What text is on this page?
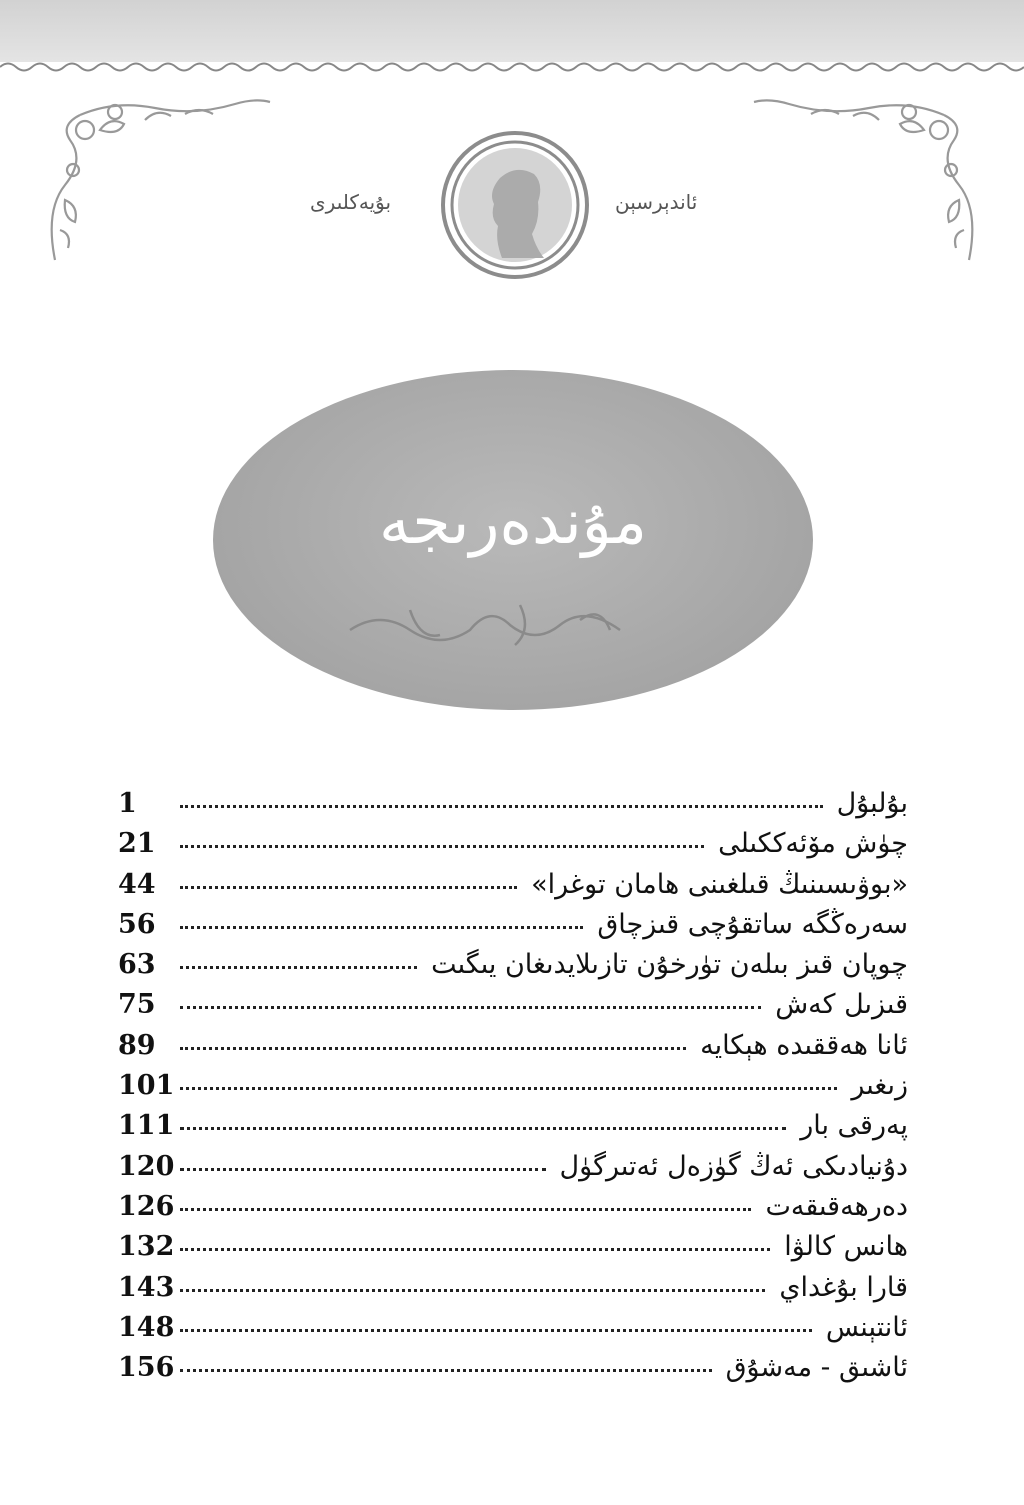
بۇيەكلىرى	ئاندېرسېن
مۇندەرىجە
بۇلبۇل
1
چۈش مۆئەككىلى
21
«بوۋىسىنىڭ قىلغىنى هامان توغرا»
44
سەرەڭگە ساتقۇچى قىزچاق
56
چوپان قىز بىلەن تۈرخۇن تازىلايدىغان يىگىت
63
قىزىل كەش
75
ئانا ھەققىدە ھېكايە
89
زىغىر
101
پەرقى بار
111
دۇنيادىكى ئەڭ گۈزەل ئەتىرگۈل
120
دەرھەقىقەت
126
ھانس كالۋا
132
قارا بۇغداي
143
ئانتېنس
148
ئاشىق - مەشۇق
156
